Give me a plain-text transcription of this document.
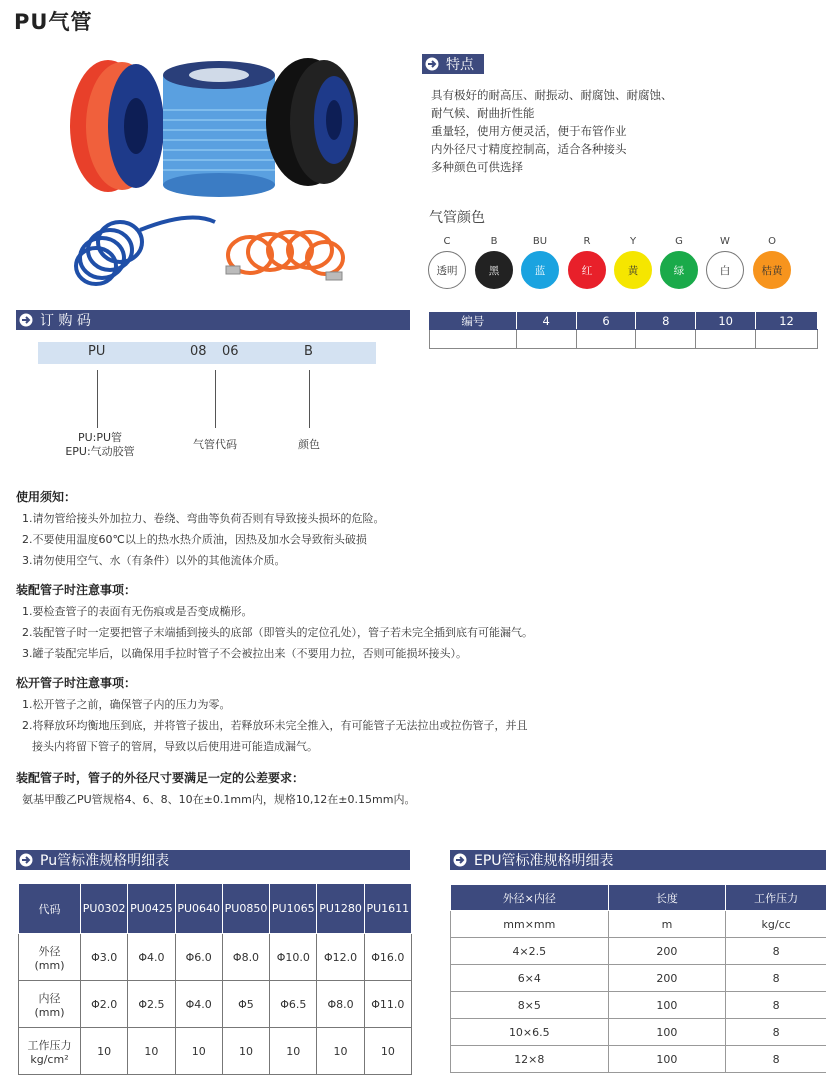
PU气管
特点
具有极好的耐高压、耐振动、耐腐蚀、耐腐蚀、
耐气候、耐曲折性能
重量轻，使用方便灵活，便于布管作业
内外径尺寸精度控制高，适合各种接头
多种颜色可供选择
气管颜色
C
透明
B
黑
BU
蓝
R
红
Y
黄
G
绿
W
白
O
桔黄
订 购 码
PU	08 06	B
PU:PU管
EPU:气动胶管
气管代码	颜色
编号	4	6	8	10	12

使用须知：

1.请勿管给接头外加拉力、卷绕、弯曲等负荷否则有导致接头损坏的危险。

2.不要使用温度60℃以上的热水热介质油，因热及加水会导致衔头破损

3.请勿使用空气、水（有条件）以外的其他流体介质。

装配管子时注意事项：

1.要检查管子的表面有无伤痕或是否变成椭形。

2.装配管子时一定要把管子末端插到接头的底部（即管头的定位孔处），管子若未完全插到底有可能漏气。

3.罐子装配完毕后，以确保用手拉时管子不会被拉出来（不要用力拉，否则可能损坏接头）。

松开管子时注意事项：

1.松开管子之前，确保管子内的压力为零。

2.将释放环均衡地压到底，并将管子拔出，若释放环未完全推入，有可能管子无法拉出或拉伤管子，并且

接头内将留下管子的管屑，导致以后使用进可能造成漏气。

装配管子时，管子的外径尺寸要满足一定的公差要求：

氨基甲酸乙PU管规格4、6、8、10在±0.1mm内，规格10,12在±0.15mm内。

Pu管标准规格明细表
代码	PU0302	PU0425	PU0640	PU0850	PU1065	PU1280	PU1611

外径
(mm)	Φ3.0	Φ4.0	Φ6.0	Φ8.0	Φ10.0	Φ12.0	Φ16.0

内径
(mm)	Φ2.0	Φ2.5	Φ4.0	Φ5	Φ6.5	Φ8.0	Φ11.0

工作压力
kg/cm²	10	10	10	10	10	10	10
EPU管标准规格明细表
外径×内径	长度	工作压力
mm×mm	m	kg/cc
4×2.5	200	8
6×4	200	8
8×5	100	8
10×6.5	100	8
12×8	100	8
